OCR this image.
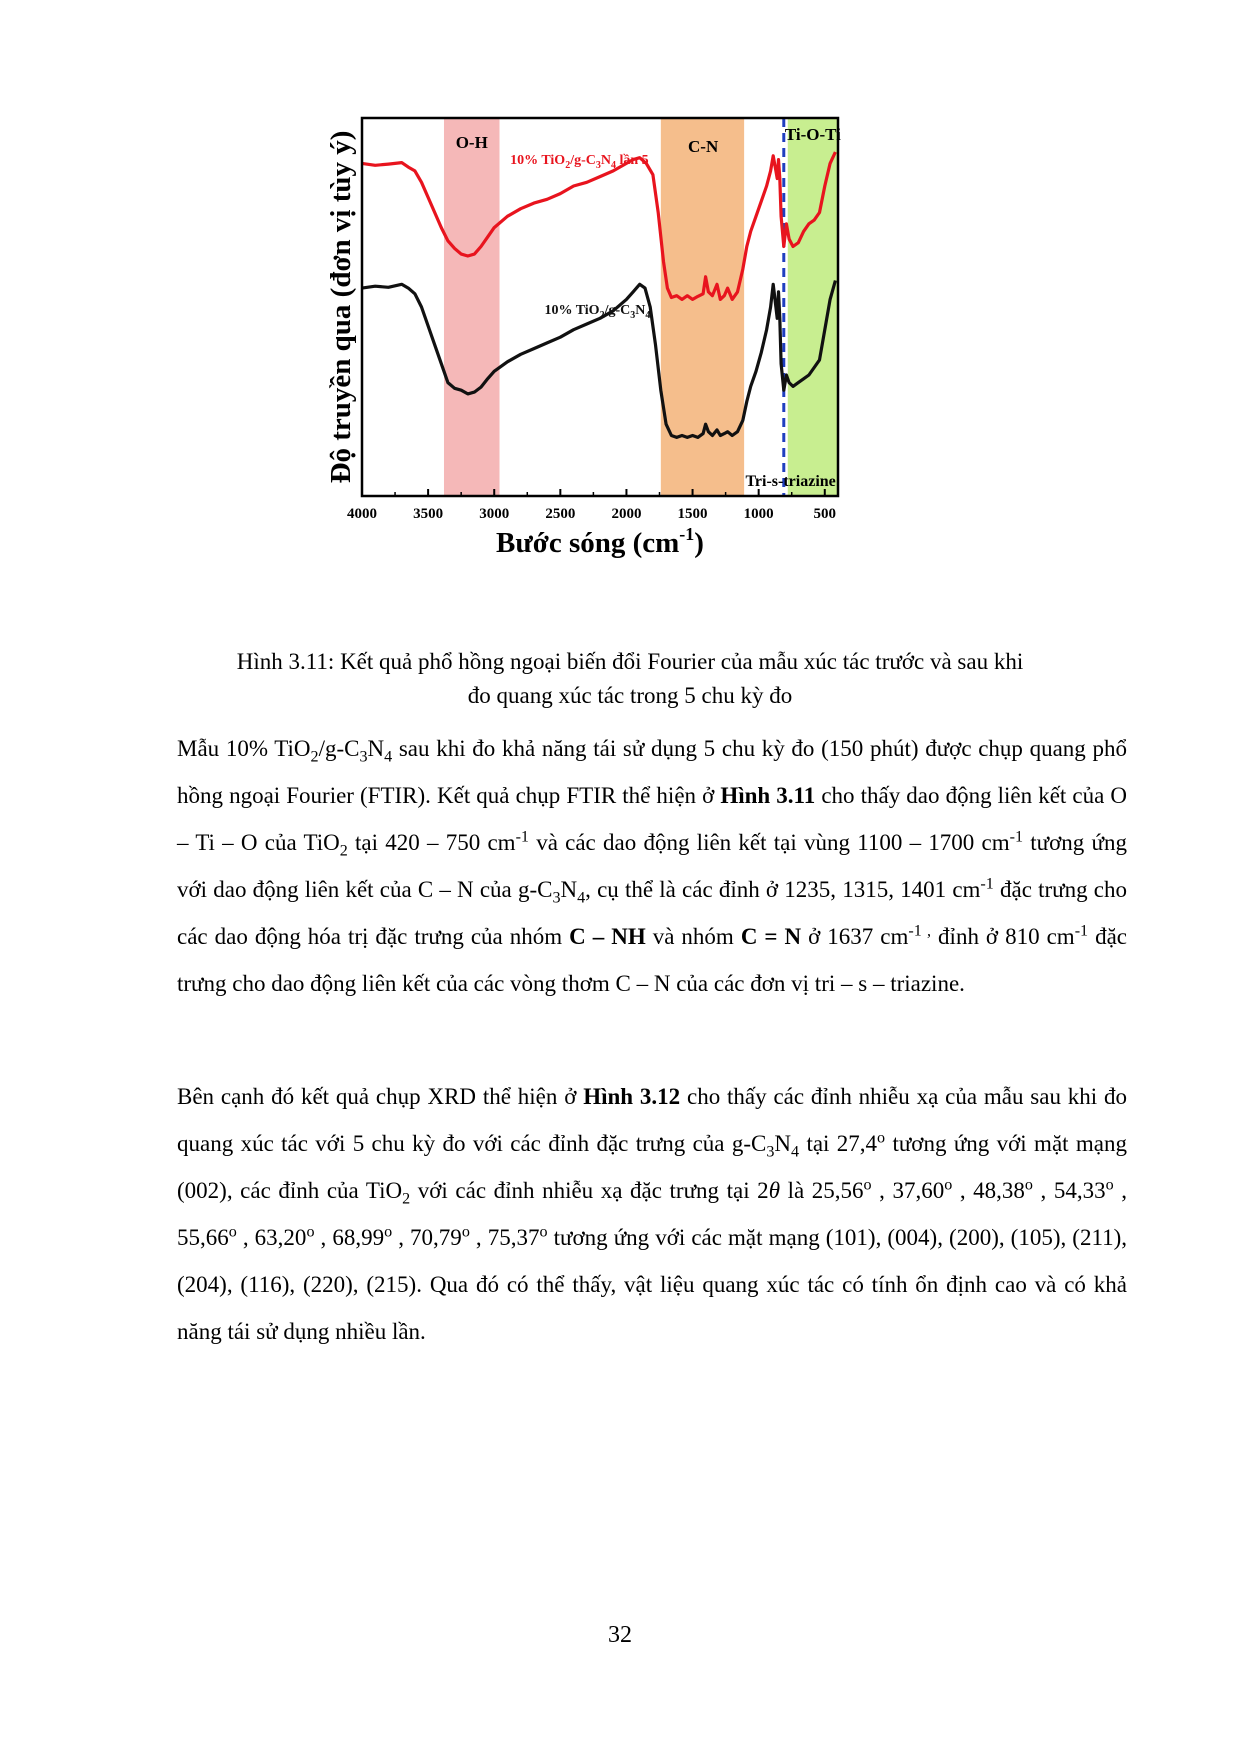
4000 3500 3000 2500 2000 1500 1000	500
O-H	C-N
Ti-O-Ti
10% $TiO_2/g-C_3N_4$ lần 5
10% $TiO_2/g-C_3N_4$
Tri-s-triazine
Bước sóng $(cm^{-1})$
Độ truyền qua (đơn vị tùy ý)
Hình 3.11: Kết quả phổ hồng ngoại biến đổi Fourier của mẫu xúc tác trước và sau khi
đo quang xúc tác trong 5 chu kỳ đo
Mẫu 10% $TiO_2/g-C_3N_4$ sau khi đo khả năng tái sử dụng 5 chu kỳ đo (150 phút) được chụp quang phổ hồng ngoại Fourier (FTIR). Kết quả chụp FTIR thể hiện ở Hình 3.11 cho thấy dao động liên kết của O – Ti – O của TiO$_2$ tại 420 – 750 $cm^{-1}$ và các dao động liên kết tại vùng 1100 – 1700 $cm^{-1}$ tương ứng với dao động liên kết của C – N của $g-C_3N_4$, cụ thể là các đỉnh ở 1235, 1315, 1401 $cm^{-1}$ đặc trưng cho các dao động hóa trị đặc trưng của nhóm C – NH và nhóm C = N ở 1637 $cm^{-1 ,}$ đỉnh ở 810 $cm^{-1}$ đặc trưng cho dao động liên kết của các vòng thơm C – N của các đơn vị tri – s – triazine.
Bên cạnh đó kết quả chụp XRD thể hiện ở Hình 3.12 cho thấy các đỉnh nhiễu xạ của mẫu sau khi đo quang xúc tác với 5 chu kỳ đo với các đỉnh đặc trưng của $g-C_3N_4$ tại 27,4$^o$ tương ứng với mặt mạng (002), các đỉnh của TiO$_2$ với các đỉnh nhiễu xạ đặc trưng tại 2θ là 25,56$^o$ , 37,60$^o$ , 48,38$^o$ , 54,33$^o$ , 55,66$^o$ , 63,20$^o$ , 68,99$^o$ , 70,79$^o$ , 75,37$^o$ tương ứng với các mặt mạng (101), (004), (200), (105), (211), (204), (116), (220), (215). Qua đó có thể thấy, vật liệu quang xúc tác có tính ổn định cao và có khả năng tái sử dụng nhiều lần.
32
